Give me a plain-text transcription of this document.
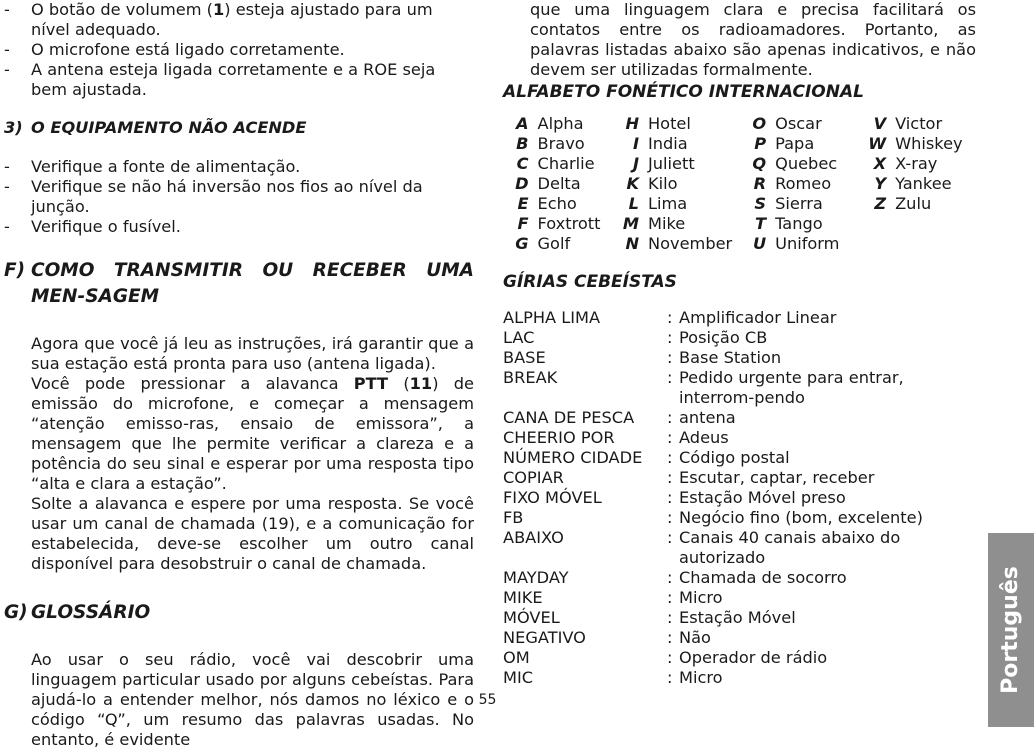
-	O botão de volumem (1) esteja ajustado para um nível adequado.
-	O microfone está ligado corretamente.
-	A antena esteja ligada corretamente e a ROE seja bem ajustada.
3) O EQUIPAMENTO NÃO ACENDE
-	Verifique a fonte de alimentação.
-	Verifique se não há inversão nos fios ao nível da junção.
-	Verifique o fusível.
F) COMO TRANSMITIR OU RECEBER UMA MEN-SAGEM
Agora que você já leu as instruções, irá garantir que a sua estação está pronta para uso (antena ligada).
Você pode pressionar a alavanca PTT (11) de emissão do microfone, e começar a mensagem “atenção emisso-ras, ensaio de emissora”, a mensagem que lhe permite verificar a clareza e a potência do seu sinal e esperar por uma resposta tipo “alta e clara a estação”.
Solte a alavanca e espere por uma resposta. Se você usar um canal de chamada (19), e a comunicação for estabelecida, deve-se escolher um outro canal disponível para desobstruir o canal de chamada.
G) GLOSSÁRIO
Ao usar o seu rádio, você vai descobrir uma linguagem particular usado por alguns cebeístas. Para ajudá-lo a entender melhor, nós damos no léxico e o código “Q”, um resumo das palavras usadas. No entanto, é evidente
que uma linguagem clara e precisa facilitará os contatos entre os radioamadores. Portanto, as palavras listadas abaixo são apenas indicativos, e não devem ser utilizadas formalmente.
ALFABETO FONÉTICO INTERNACIONAL
A	Alpha	H	Hotel	O	Oscar	V	Victor
B	Bravo	I	India	P	Papa	W	Whiskey
C	Charlie	J	Juliett	Q	Quebec	X	X-ray
D	Delta	K	Kilo	R	Romeo	Y	Yankee
E	Echo	L	Lima	S	Sierra	Z	Zulu
F	Foxtrott	M	Mike	T	Tango		
G	Golf	N	November	U	Uniform		
GÍRIAS CEBEÍSTAS
ALPHA LIMA	:	Amplificador Linear
LAC	:	Posição CB
BASE	:	Base Station
BREAK	:	Pedido urgente para entrar, interrom-pendo
CANA DE PESCA	:	antena
CHEERIO POR	:	Adeus
NÚMERO CIDADE	:	Código postal
COPIAR	:	Escutar, captar, receber
FIXO MÓVEL	:	Estação Móvel preso
FB	:	Negócio fino (bom, excelente)
ABAIXO	:	Canais 40 canais abaixo do autorizado
MAYDAY	:	Chamada de socorro
MIKE	:	Micro
MÓVEL	:	Estação Móvel
NEGATIVO	:	Não
OM	:	Operador de rádio
MIC	:	Micro
55
Português
